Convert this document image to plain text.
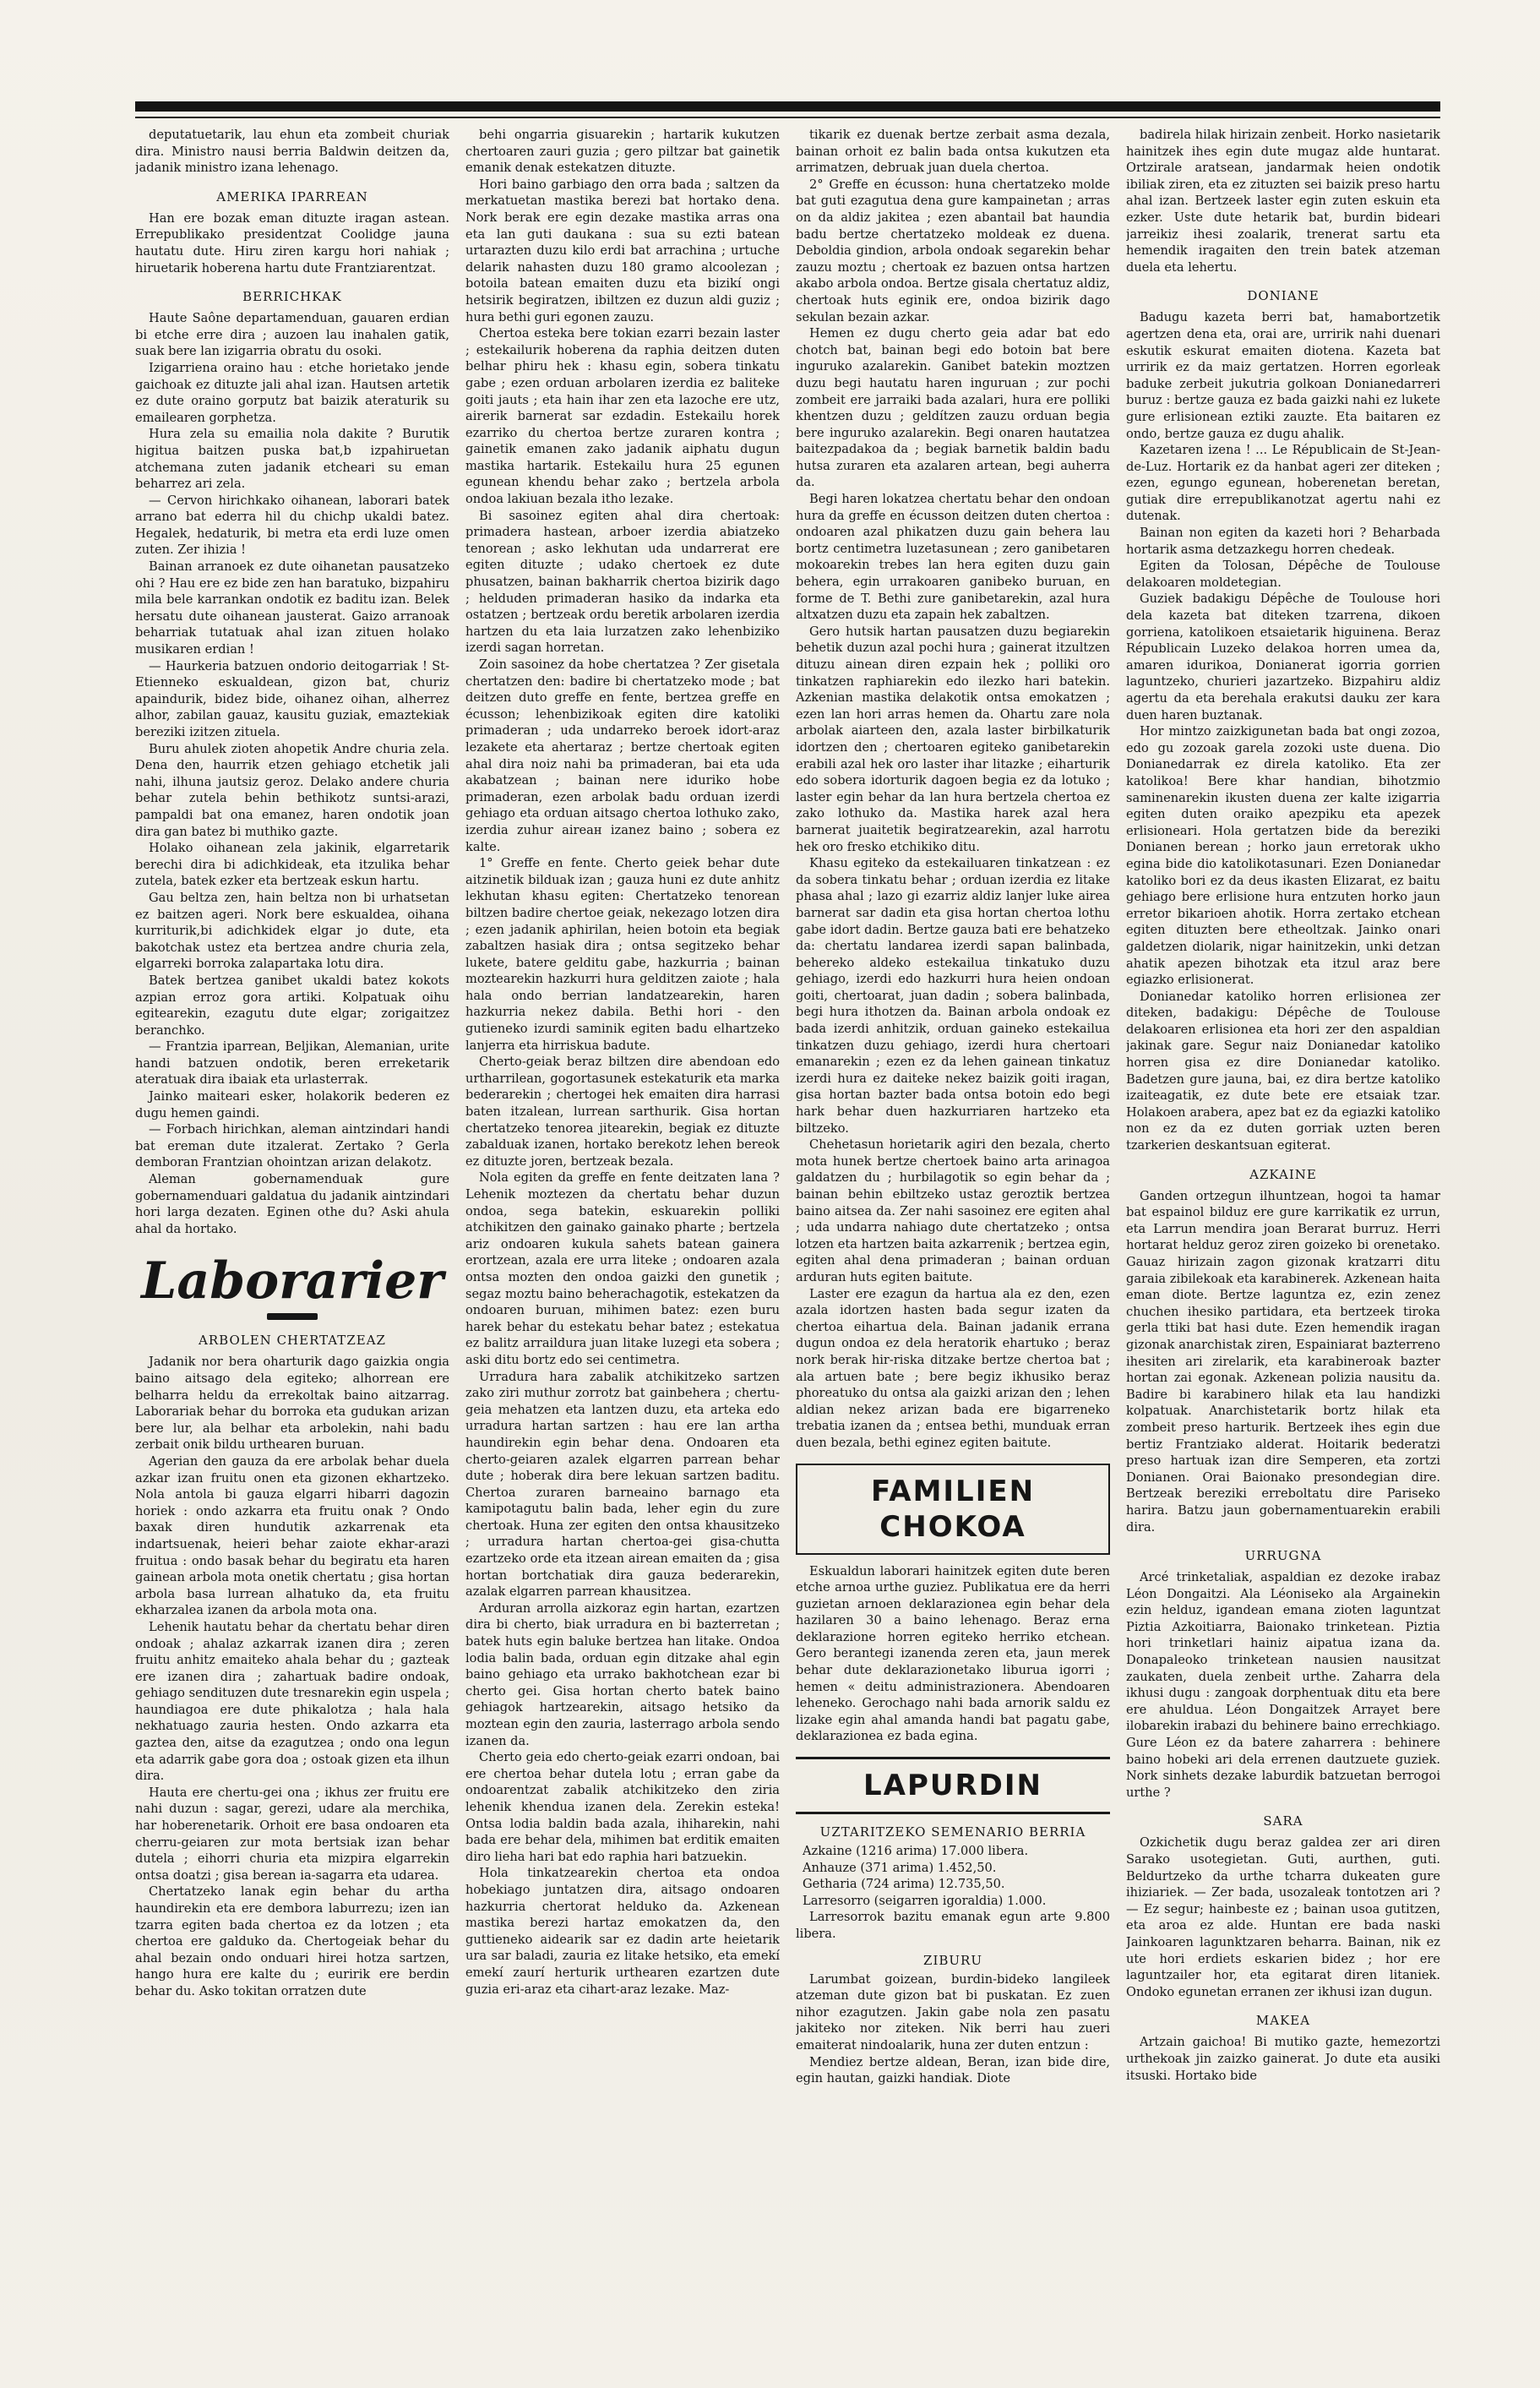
deputatuetarik, lau ehun eta zombeit churiak dira. Ministro nausi berria Baldwin deitzen da, jadanik ministro izana lehenago.

AMERIKA IPARREAN

Han ere bozak eman dituzte iragan astean. Errepublikako presidentzat Coolidge jauna hautatu dute. Hiru ziren kargu hori nahiak ; hiruetarik hoberena hartu dute Frantziarentzat.

BERRICHKAK

Haute Saône departamenduan, gauaren erdian bi etche erre dira ; auzoen lau inahalen gatik, suak bere lan izigarria obratu du osoki.

Izigarriena oraino hau : etche horietako jende gaichoak ez dituzte jali ahal izan. Hautsen artetik ez dute oraino gorputz bat baizik ateraturik su emailearen gorphetza.

Hura zela su emailia nola dakite ? Burutik higitua baitzen puska bat,b izpahiruetan atchemana zuten jadanik etcheari su eman beharrez ari zela.

— Cervon hirichkako oihanean, laborari batek arrano bat ederra hil du chichp ukaldi batez. Hegalek, hedaturik, bi metra eta erdi luze omen zuten. Zer ihizia !

Bainan arranoek ez dute oihanetan pausatzeko ohi ? Hau ere ez bide zen han baratuko, bizpahiru mila bele karrankan ondotik ez baditu izan. Belek hersatu dute oihanean jausterat. Gaizo arranoak beharriak tutatuak ahal izan zituen holako musikaren erdian !

— Haurkeria batzuen ondorio deitogarriak ! St-Etienneko eskualdean, gizon bat, churiz apaindurik, bidez bide, oihanez oihan, alherrez alhor, zabilan gauaz, kausitu guziak, emaztekiak bereziki izitzen zituela.

Buru ahulek zioten ahopetik Andre churia zela. Dena den, haurrik etzen gehiago etchetik jali nahi, ilhuna jautsiz geroz. Delako andere churia behar zutela behin bethikotz suntsi-arazi, pampaldi bat ona emanez, haren ondotik joan dira gan batez bi muthiko gazte.

Holako oihanean zela jakinik, elgarretarik berechi dira bi adichkideak, eta itzulika behar zutela, batek ezker eta bertzeak eskun hartu.

Gau beltza zen, hain beltza non bi urhatsetan ez baitzen ageri. Nork bere eskualdea, oihana kurriturik,bi adichkidek elgar jo dute, eta bakotchak ustez eta bertzea andre churia zela, elgarreki borroka zalapartaka lotu dira.

Batek bertzea ganibet ukaldi batez kokots azpian erroz gora artiki. Kolpatuak oihu egitearekin, ezagutu dute elgar; zorigaitzez beranchko.

— Frantzia iparrean, Beljikan, Alemanian, urite handi batzuen ondotik, beren erreketarik ateratuak dira ibaiak eta urlasterrak.

Jainko maiteari esker, holakorik bederen ez dugu hemen gaindi.

— Forbach hirichkan, aleman aintzindari handi bat ereman dute itzalerat. Zertako ? Gerla demboran Frantzian ohointzan arizan delakotz.

Aleman gobernamenduak gure gobernamenduari galdatua du jadanik aintzindari hori larga dezaten. Eginen othe du? Aski ahula ahal da hortako.

Laborarier
ARBOLEN CHERTATZEAZ

Jadanik nor bera oharturik dago gaizkia ongia baino aitsago dela egiteko; alhorrean ere belharra heldu da errekoltak baino aitzarrag. Laborariak behar du borroka eta gudukan arizan bere lur, ala belhar eta arbolekin, nahi badu zerbait onik bildu urthearen buruan.

Agerian den gauza da ere arbolak behar duela azkar izan fruitu onen eta gizonen ekhartzeko. Nola antola bi gauza elgarri hibarri dagozin horiek : ondo azkarra eta fruitu onak ? Ondo baxak diren hundutik azkarrenak eta indartsuenak, heieri behar zaiote ekhar-arazi fruitua : ondo basak behar du begiratu eta haren gainean arbola mota onetik chertatu ; gisa hortan arbola basa lurrean alhatuko da, eta fruitu ekharzalea izanen da arbola mota ona.

Lehenik hautatu behar da chertatu behar diren ondoak ; ahalaz azkarrak izanen dira ; zeren fruitu anhitz emaiteko ahala behar du ; gazteak ere izanen dira ; zahartuak badire ondoak, gehiago sendituzen dute tresnarekin egin uspela ; haundiagoa ere dute phikalotza ; hala hala nekhatuago zauria hesten. Ondo azkarra eta gaztea den, aitse da ezagutzea ; ondo ona legun eta adarrik gabe gora doa ; ostoak gizen eta ilhun dira.

Hauta ere chertu-gei ona ; ikhus zer fruitu ere nahi duzun : sagar, gerezi, udare ala merchika, har hoberenetarik. Orhoit ere basa ondoaren eta cherru-geiaren zur mota bertsiak izan behar dutela ; eihorri churia eta mizpira elgarrekin ontsa doatzi ; gisa berean ia-sagarra eta udarea.

Chertatzeko lanak egin behar du artha haundirekin eta ere dembora laburrezu; izen ian tzarra egiten bada chertoa ez da lotzen ; eta chertoa ere galduko da. Chertogeiak behar du ahal bezain ondo onduari hirei hotza sartzen, hango hura ere kalte du ; euririk ere berdin behar du. Asko tokitan orratzen dute

behi ongarria gisuarekin ; hartarik kukutzen chertoaren zauri guzia ; gero piltzar bat gainetik emanik denak estekatzen dituzte.

Hori baino garbiago den orra bada ; saltzen da merkatuetan mastika berezi bat hortako dena. Nork berak ere egin dezake mastika arras ona eta lan guti daukana : sua su ezti batean urtarazten duzu kilo erdi bat arrachina ; urtuche delarik nahasten duzu 180 gramo alcoolezan ; botoila batean emaiten duzu eta bizikí ongi hetsirik begiratzen, ibiltzen ez duzun aldi guziz ; hura bethi guri egonen zauzu.

Chertoa esteka bere tokian ezarri bezain laster ; estekailurik hoberena da raphia deitzen duten belhar phiru hek : khasu egin, sobera tinkatu gabe ; ezen orduan arbolaren izerdia ez baliteke goiti jauts ; eta hain ihar zen eta lazoche ere utz, airerik barnerat sar ezdadin. Estekailu horek ezarriko du chertoa bertze zuraren kontra ; gainetik emanen zako jadanik aiphatu dugun mastika hartarik. Estekailu hura 25 egunen egunean khendu behar zako ; bertzela arbola ondoa lakiuan bezala itho lezake.

Bi sasoinez egiten ahal dira chertoak: primadera hastean, arboer izerdia abiatzeko tenorean ; asko lekhutan uda undarrerat ere egiten dituzte ; udako chertoek ez dute phusatzen, bainan bakharrik chertoa bizirik dago ; helduden primaderan hasiko da indarka eta ostatzen ; bertzeak ordu beretik arbolaren izerdia hartzen du eta laia lurzatzen zako lehenbiziko izerdi sagan horretan.

Zoin sasoinez da hobe chertatzea ? Zer gisetala chertatzen den: badire bi chertatzeko mode ; bat deitzen duto greffe en fente, bertzea greffe en écusson; lehenbizikoak egiten dire katoliki primaderan ; uda undarreko beroek idort-araz lezakete eta ahertaraz ; bertze chertoak egiten ahal dira noiz nahi ba primaderan, bai eta uda akabatzean ; bainan nere iduriko hobe primaderan, ezen arbolak badu orduan izerdi gehiago eta orduan aitsago chertoa lothuko zako, izerdia zuhur aireaн izanez baino ; sobera ez kalte.

1° Greffe en fente. Cherto geiek behar dute aitzinetik bilduak izan ; gauza huni ez dute anhitz lekhutan khasu egiten: Chertatzeko tenorean biltzen badire chertoe geiak, nekezago lotzen dira ; ezen jadanik aphirilan, heien botoin eta begiak zabaltzen hasiak dira ; ontsa segitzeko behar lukete, batere gelditu gabe, hazkurria ; bainan moztearekin hazkurri hura gelditzen zaiote ; hala hala ondo berrian landatzearekin, haren hazkurria nekez dabila. Bethi hori - den gutieneko izurdi saminik egiten badu elhartzeko lanjerra eta hirriskua badute.

Cherto-geiak beraz biltzen dire abendoan edo urtharrilean, gogortasunek estekaturik eta marka bederarekin ; chertogei hek emaiten dira harrasi baten itzalean, lurrean sarthurik. Gisa hortan chertatzeko tenorea jitearekin, begiak ez dituzte zabalduak izanen, hortako berekotz lehen bereok ez dituzte joren, bertzeak bezala.

Nola egiten da greffe en fente deitzaten lana ? Lehenik moztezen da chertatu behar duzun ondoa, sega batekin, eskuarekin polliki atchikitzen den gainako gainako pharte ; bertzela ariz ondoaren kukula sahets batean gainera erortzean, azala ere urra liteke ; ondoaren azala ontsa mozten den ondoa gaizki den gunetik ; segaz moztu baino beherachagotik, estekatzen da ondoaren buruan, mihimen batez: ezen buru harek behar du estekatu behar batez ; estekatua ez balitz arraildura juan litake luzegi eta sobera ; aski ditu bortz edo sei centimetra.

Urradura hara zabalik atchikitzeko sartzen zako ziri muthur zorrotz bat gainbehera ; chertu-geia mehatzen eta lantzen duzu, eta arteka edo urradura hartan sartzen : hau ere lan artha haundirekin egin behar dena. Ondoaren eta cherto-geiaren azalek elgarren parrean behar dute ; hoberak dira bere lekuan sartzen baditu. Chertoa zuraren barneaino barnago eta kamipotagutu balin bada, leher egin du zure chertoak. Huna zer egiten den ontsa khausitzeko ; urradura hartan chertoa-gei gisa-chutta ezartzeko orde eta itzean aireаn emaiten da ; gisa hortan bortchatiak dira gauza bederarekin, azalak elgarren parrean khausitzea.

Arduran arrolla aizkoraz egin hartan, ezartzen dira bi cherto, biak urradura en bi bazterretan ; batek huts egin baluke bertzea han litake. Ondoa lodia balin bada, orduan egin ditzake ahal egin baino gehiago eta urrako bakhotchean ezar bi cherto gei. Gisa hortan cherto batek baino gehiagok hartzearekin, aitsago hetsiko da moztean egin den zauria, lasterrago arbola sendo izanen da.

Cherto geia edo cherto-geiak ezarri ondoan, bai ere chertoa behar dutela lotu ; erran gabe da ondoarentzat zabalik atchikitzeko den ziria lehenik khendua izanen dela. Zerekin esteka! Ontsa lodia baldin bada azala, ihiharekin, nahi bada ere behar dela, mihimen bat erditik emaiten diro lieha hari bat edo raphia hari batzuekin.

Hola tinkatzearekin chertoa eta ondoa hobekiago juntatzen dira, aitsago ondoaren hazkurria chertorat helduko da. Azkenean mastika berezi hartaz emokatzen da, den guttieneko aidearik sar ez dadin arte heietarik ura sar baladi, zauria ez litake hetsiko, eta emekí emekí zaurí herturik urthearen ezartzen dute guzia eri-araz eta cihart-araz lezake. Maz-

tikarik ez duenak bertze zerbait asma dezala, bainan orhoit ez balin bada ontsa kukutzen eta arrimatzen, debruak juan duela chertoa.

2° Greffe en écusson: huna chertatzeko molde bat guti ezagutua dena gure kampainetan ; arras on da aldiz jakitea ; ezen abantail bat haundia badu bertze chertatzeko moldeak ez duena. Deboldia gindion, arbola ondoak segarekin behar zauzu moztu ; chertoak ez bazuen ontsa hartzen akabo arbola ondoa. Bertze gisala chertatuz aldiz, chertoak huts eginik ere, ondoa bizirik dago sekulan bezain azkar.

Hemen ez dugu cherto geia adar bat edo chotch bat, bainan begi edo botoin bat bere inguruko azalarekin. Ganibet batekin moztzen duzu begi hautatu haren inguruan ; zur pochi zombeit ere jarraiki bada azalari, hura ere polliki khentzen duzu ; geldítzen zauzu orduan begia bere inguruko azalarekin. Begi onaren hautatzea baitezpadakoa da ; begiak barnetik baldin badu hutsa zuraren eta azalaren artean, begi auherra da.

Begi haren lokatzea chertatu behar den ondoan hura da greffe en écusson deitzen duten chertoa : ondoaren azal phikatzen duzu gain behera lau bortz centimetra luzetasunean ; zero ganibetaren mokoarekin trebes lan hera egiten duzu gain behera, egin urrakoaren ganibeko buruan, en forme de T. Bethi zure ganibetarekin, azal hura altxatzen duzu eta zapain hek zabaltzen.

Gero hutsik hartan pausatzen duzu begiarekin behetik duzun azal pochi hura ; gainerat itzultzen dituzu ainean diren ezpain hek ; polliki oro tinkatzen raphiarekin edo ilezko hari batekin. Azkenian mastika delakotik ontsa emokatzen ; ezen lan hori arras hemen da. Ohartu zare nola arbolak aiarteen den, azala laster birbilkaturik idortzen den ; chertoaren egiteko ganibetarekin erabili azal hek oro laster ihar litazke ; eiharturik edo sobera idorturik dagoen begia ez da lotuko ; laster egin behar da lan hura bertzela chertoa ez zako lothuko da. Mastika harek azal hera barnerat juaitetik begiratzearekin, azal harrotu hek oro fresko etchikiko ditu.

Khasu egiteko da estekailuaren tinkatzean : ez da sobera tinkatu behar ; orduan izerdia ez litake phasa ahal ; lazo gi ezarriz aldiz lanjer luke airea barnerat sar dadin eta gisa hortan chertoa lothu gabe idort dadin. Bertze gauza bati ere behatzeko da: chertatu landarea izerdi sapan balinbada, behereko aldeko estekailua tinkatuko duzu gehiago, izerdi edo hazkurri hura heien ondoan goiti, chertoarat, juan dadin ; sobera balinbada, begi hura ithotzen da. Bainan arbola ondoak ez bada izerdi anhitzik, orduan gaineko estekailua tinkatzen duzu gehiago, izerdi hura chertoari emanarekin ; ezen ez da lehen gainean tinkatuz izerdi hura ez daiteke nekez baizik goiti iragan, gisa hortan bazter bada ontsa botoin edo begi hark behar duen hazkurriaren hartzeko eta biltzeko.

Chehetasun horietarik agiri den bezala, cherto mota hunek bertze chertoek baino arta arinagoa galdatzen du ; hurbilagotik so egin behar da ; bainan behin ebiltzeko ustaz geroztik bertzea baino aitsea da. Zer nahi sasoinez ere egiten ahal ; uda undarra nahiago dute chertatzeko ; ontsa lotzen eta hartzen baita azkarrenik ; bertzea egin, egiten ahal dena primaderan ; bainan orduan arduran huts egiten baitute.

Laster ere ezagun da hartua ala ez den, ezen azala idortzen hasten bada segur izaten da chertoa eihartua dela. Bainan jadanik errana dugun ondoa ez dela heratorik ehartuko ; beraz nork berak hir-riska ditzake bertze chertoa bat ; ala artuen bate ; bere begiz ikhusiko beraz phoreatuko du ontsa ala gaizki arizan den ; lehen aldian nekez arizan bada ere bigarreneko trebatia izanen da ; entsea bethi, munduak erran duen bezala, bethi eginez egiten baitute.

FAMILIEN CHOKOA

Eskualdun laborari hainitzek egiten dute beren etche arnoa urthe guziez. Publikatua ere da herri guzietan arnoen deklarazionea egin behar dela hazilaren 30 a baino lehenago. Beraz erna deklarazione horren egiteko herriko etchean. Gero berantegi izanenda zeren eta, jaun merek behar dute deklarazionetako liburua igorri ; hemen « deitu administrazionera. Abendoaren leheneko. Gerochago nahi bada arnorik saldu ez lizake egin ahal amanda handi bat pagatu gabe, deklarazionea ez bada egina.

LAPURDIN
UZTARITZEKO SEMENARIO BERRIA

Azkaine (1216 arima) 17.000 libera.

Anhauze (371 arima) 1.452,50.

Getharia (724 arima) 12.735,50.

Larresorro (seigarren igoraldia) 1.000.

Larresorrok bazitu emanak egun arte 9.800 libera.

ZIBURU

Larumbat goizean, burdin-bideko langileek atzeman dute gizon bat bi puskatan. Ez zuen nihor ezagutzen. Jakin gabe nola zen pasatu jakiteko nor ziteken. Nik berri hau zueri emaiterat nindoalarik, huna zer duten entzun :

Mendiez bertze aldean, Beran, izan bide dire, egin hautan, gaizki handiak. Diote

badirela hilak hirizain zenbeit. Horko nasietarik hainitzek ihes egin dute mugaz alde huntarat. Ortzirale aratsean, jandarmak heien ondotik ibiliak ziren, eta ez zituzten sei baizik preso hartu ahal izan. Bertzeek laster egin zuten eskuin eta ezker. Uste dute hetarik bat, burdin bideari jarreikiz ihesi zoalarik, trenerat sartu eta hemendik iragaiten den trein batek atzeman duela eta lehertu.

DONIANE

Badugu kazeta berri bat, hamabortzetik agertzen dena eta, orai are, urririk nahi duenari eskutik eskurat emaiten diotena. Kazeta bat urririk ez da maiz gertatzen. Horren egorleak baduke zerbeit jukutria golkoan Donianedarreri buruz : bertze gauza ez bada gaizki nahi ez lukete gure erlisionean eztiki zauzte. Eta baitaren ez ondo, bertze gauza ez dugu ahalik.

Kazetaren izena ! ... Le Républicain de St-Jean-de-Luz. Hortarik ez da hanbat ageri zer diteken ; ezen, egungo egunean, hoberenetan beretan, gutiak dire errepublikanotzat agertu nahi ez dutenak.

Bainan non egiten da kazeti hori ? Beharbada hortarik asma detzazkegu horren chedeak.

Egiten da Tolosan, Dépêche de Toulouse delakoaren moldetegian.

Guziek badakigu Dépêche de Toulouse hori dela kazeta bat diteken tzarrena, dikoen gorriena, katolikoen etsaietarik higuinena. Beraz Républicain Luzeko delakoa horren umea da, amaren idurikoa, Donianerat igorria gorrien laguntzeko, churieri jazartzeko. Bizpahiru aldiz agertu da eta berehala erakutsi dauku zer kara duen haren buztanak.

Hor mintzo zaizkigunetan bada bat ongi zozoa, edo gu zozoak garela zozoki uste duena. Dio Donianedarrak ez direla katoliko. Eta zer katolikoa! Bere khar handian, bihotzmio saminenarekin ikusten duena zer kalte izigarria egiten duten oraiko apezpiku eta apezek erlisioneari. Hola gertatzen bide da bereziki Donianen berean ; horko jaun erretorak ukho egina bide dio katolikotasunari. Ezen Donianedar katoliko bori ez da deus ikasten Elizarat, ez baitu gehiago bere erlisione hura entzuten horko jaun erretor bikarioen ahotik. Horra zertako etchean egiten dituzten bere etheoltzak. Jainko onari galdetzen diolarik, nigar hainitzekin, unki detzan ahatik apezen bihotzak eta itzul araz bere egiazko erlisionerat.

Donianedar katoliko horren erlisionea zer diteken, badakigu: Dépêche de Toulouse delakoaren erlisionea eta hori zer den aspaldian jakinak gare. Segur naiz Donianedar katoliko horren gisa ez dire Donianedar katoliko. Badetzen gure jauna, bai, ez dira bertze katoliko izaiteagatik, ez dute bete ere etsaiak tzar. Holakoen arabera, apez bat ez da egiazki katoliko non ez da ez duten gorriak uzten beren tzarkerien deskantsuan egiterat.

AZKAINE

Ganden ortzegun ilhuntzean, hogoi ta hamar bat espainol bilduz ere gure karrikatik ez urrun, eta Larrun mendira joan Berarat burruz. Herri hortarat helduz geroz ziren goizeko bi orenetako. Gauaz hirizain zagon gizonak kratzarri ditu garaia zibilekoak eta karabinerek. Azkenean haita eman diote. Bertze laguntza ez, ezin zenez chuchen ihesiko partidara, eta bertzeek tiroka gerla ttiki bat hasi dute. Ezen hemendik iragan gizonak anarchistak ziren, Espainiarat bazterreno ihesiten ari zirelarik, eta karabineroak bazter hortan zai egonak. Azkenean polizia nausitu da. Badire bi karabinero hilak eta lau handizki kolpatuak. Anarchistetarik bortz hilak eta zombeit preso harturik. Bertzeek ihes egin due bertiz Frantziako alderat. Hoitarik bederatzi preso hartuak izan dire Semperen, eta zortzi Donianen. Orai Baionako presondegian dire. Bertzeak bereziki erreboltatu dire Pariseko harira. Batzu jaun gobernamentuarekin erabili dira.

URRUGNA

Arcé trinketaliak, aspaldian ez dezoke irabaz Léon Dongaitzi. Ala Léoniseko ala Argainekin ezin helduz, igandean emana zioten laguntzat Piztia Azkoitiarra, Baionako trinketean. Piztia hori trinketlari hainiz aipatua izana da. Donapaleoko trinketean nausien nausitzat zaukaten, duela zenbeit urthe. Zaharra dela ikhusi dugu : zangoak dorphentuak ditu eta bere ere ahuldua. Léon Dongaitzek Arrayet bere ilobarekin irabazi du behinere baino errechkiago. Gure Léon ez da batere zaharrera : behinere baino hobeki ari dela errenen dautzuete guziek. Nork sinhets dezake laburdik batzuetan berrogoi urthe ?

SARA

Ozkichetik dugu beraz galdea zer ari diren Sarako usotegietan. Guti, aurthen, guti. Beldurtzeko da urthe tcharra dukeaten gure ihiziariek. — Zer bada, usozaleak tontotzen ari ? — Ez segur; hainbeste ez ; bainan usoa gutitzen, eta aroa ez alde. Huntan ere bada naski Jainkoaren lagunktzaren beharra. Bainan, nik ez ute hori erdiets eskarien bidez ; hor ere laguntzailer hor, eta egitarat diren litaniek. Ondoko egunetan erranen zer ikhusi izan dugun.

MAKEA

Artzain gaichoa! Bi mutiko gazte, hemezortzi urthekoak jin zaizko gainerat. Jo dute eta ausiki itsuski. Hortako bide
